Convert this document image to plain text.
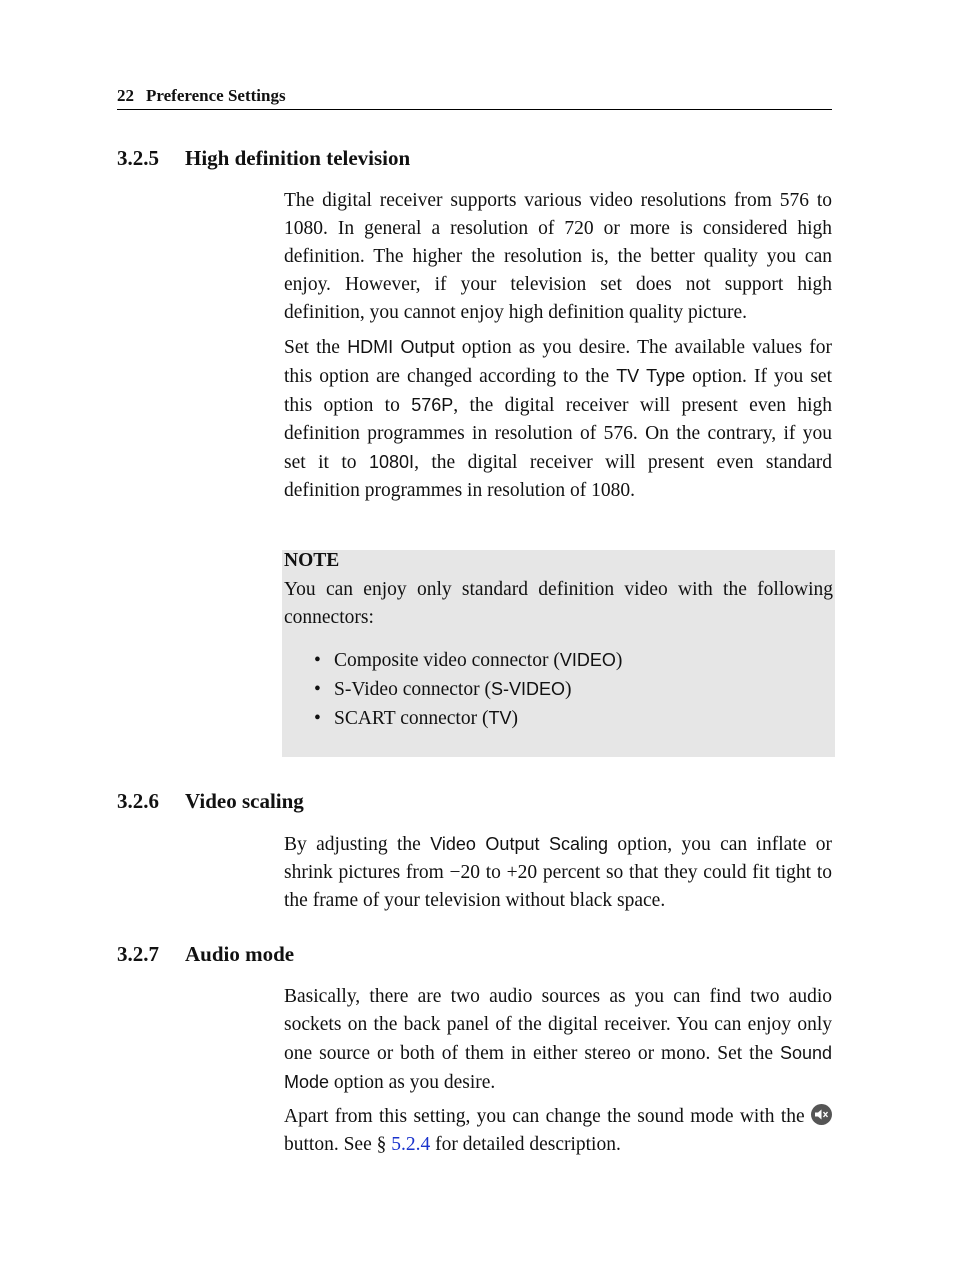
22 Preference Settings
3.2.5 High definition television

The digital receiver supports various video resolutions from 576 to 1080. In general a resolution of 720 or more is considered high definition. The higher the resolution is, the better quality you can enjoy. However, if your television set does not support high definition, you cannot enjoy high definition quality picture.

Set the HDMI Output option as you desire. The available values for this option are changed according to the TV Type option. If you set this option to 576P, the digital receiver will present even high definition programmes in resolution of 576. On the contrary, if you set it to 1080I, the digital receiver will present even standard definition programmes in resolution of 1080.

NOTE

You can enjoy only standard definition video with the following connectors:

• Composite video connector (VIDEO)
• S-Video connector (S-VIDEO)
• SCART connector (TV)
3.2.6 Video scaling

By adjusting the Video Output Scaling option, you can inflate or shrink pictures from −20 to +20 percent so that they could fit tight to the frame of your television without black space.

3.2.7 Audio mode

Basically, there are two audio sources as you can find two audio sockets on the back panel of the digital receiver. You can enjoy only one source or both of them in either stereo or mono. Set the Sound Mode option as you desire.

Apart from this setting, you can change the sound mode with the
button. See § 5.2.4 for detailed description.
